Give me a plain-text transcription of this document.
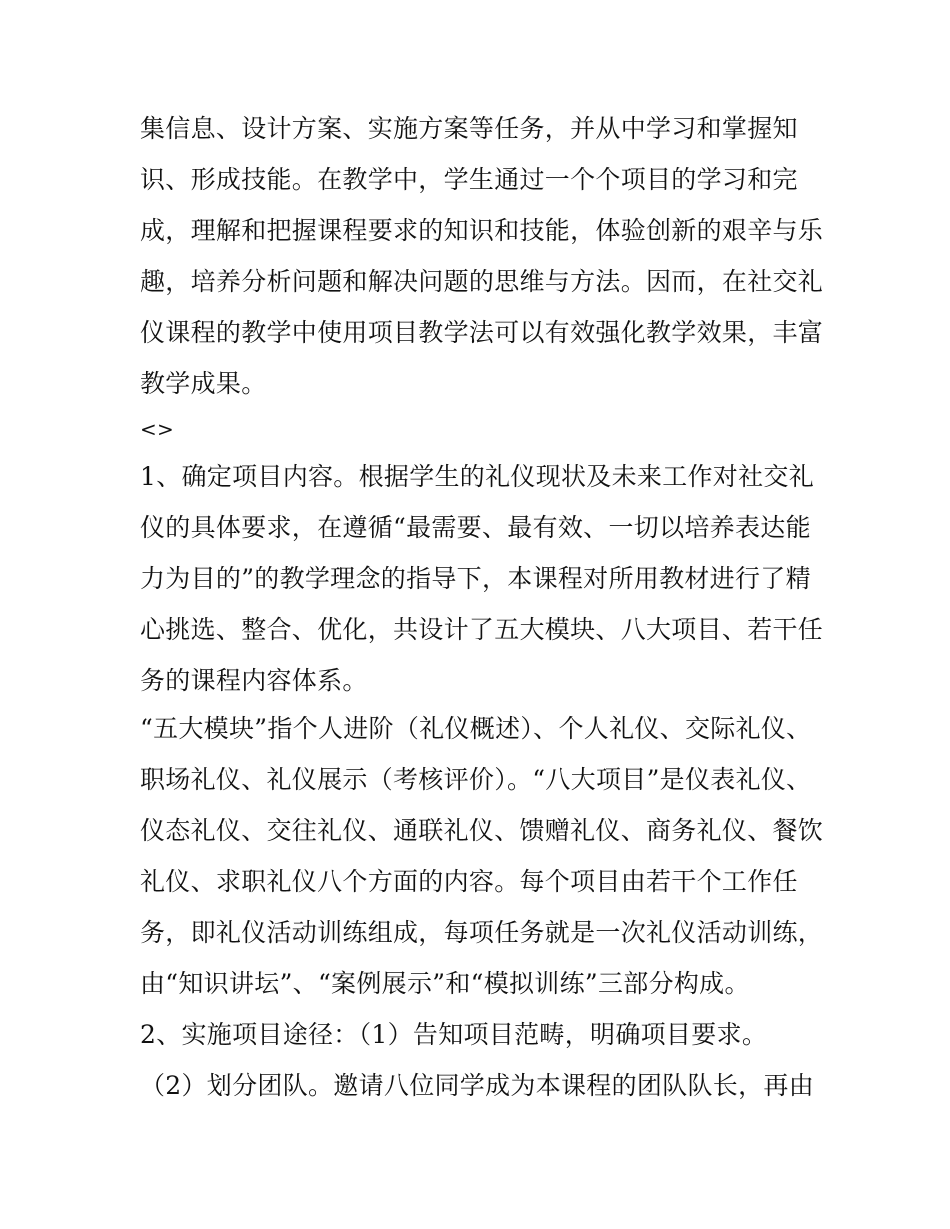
集信息、设计方案、实施方案等任务，并从中学习和掌握知

识、形成技能。在教学中，学生通过一个个项目的学习和完

成，理解和把握课程要求的知识和技能，体验创新的艰辛与乐

趣，培养分析问题和解决问题的思维与方法。因而，在社交礼

仪课程的教学中使用项目教学法可以有效强化教学效果，丰富

教学成果。

<>

1、确定项目内容。根据学生的礼仪现状及未来工作对社交礼

仪的具体要求，在遵循“最需要、最有效、一切以培养表达能

力为目的”的教学理念的指导下，本课程对所用教材进行了精

心挑选、整合、优化，共设计了五大模块、八大项目、若干任

务的课程内容体系。

“五大模块”指个人进阶（礼仪概述）、个人礼仪、交际礼仪、

职场礼仪、礼仪展示（考核评价）。“八大项目”是仪表礼仪、

仪态礼仪、交往礼仪、通联礼仪、馈赠礼仪、商务礼仪、餐饮

礼仪、求职礼仪八个方面的内容。每个项目由若干个工作任

务，即礼仪活动训练组成，每项任务就是一次礼仪活动训练，

由“知识讲坛”、“案例展示”和“模拟训练”三部分构成。

2、实施项目途径：（1）告知项目范畴，明确项目要求。

（2）划分团队。邀请八位同学成为本课程的团队队长，再由
